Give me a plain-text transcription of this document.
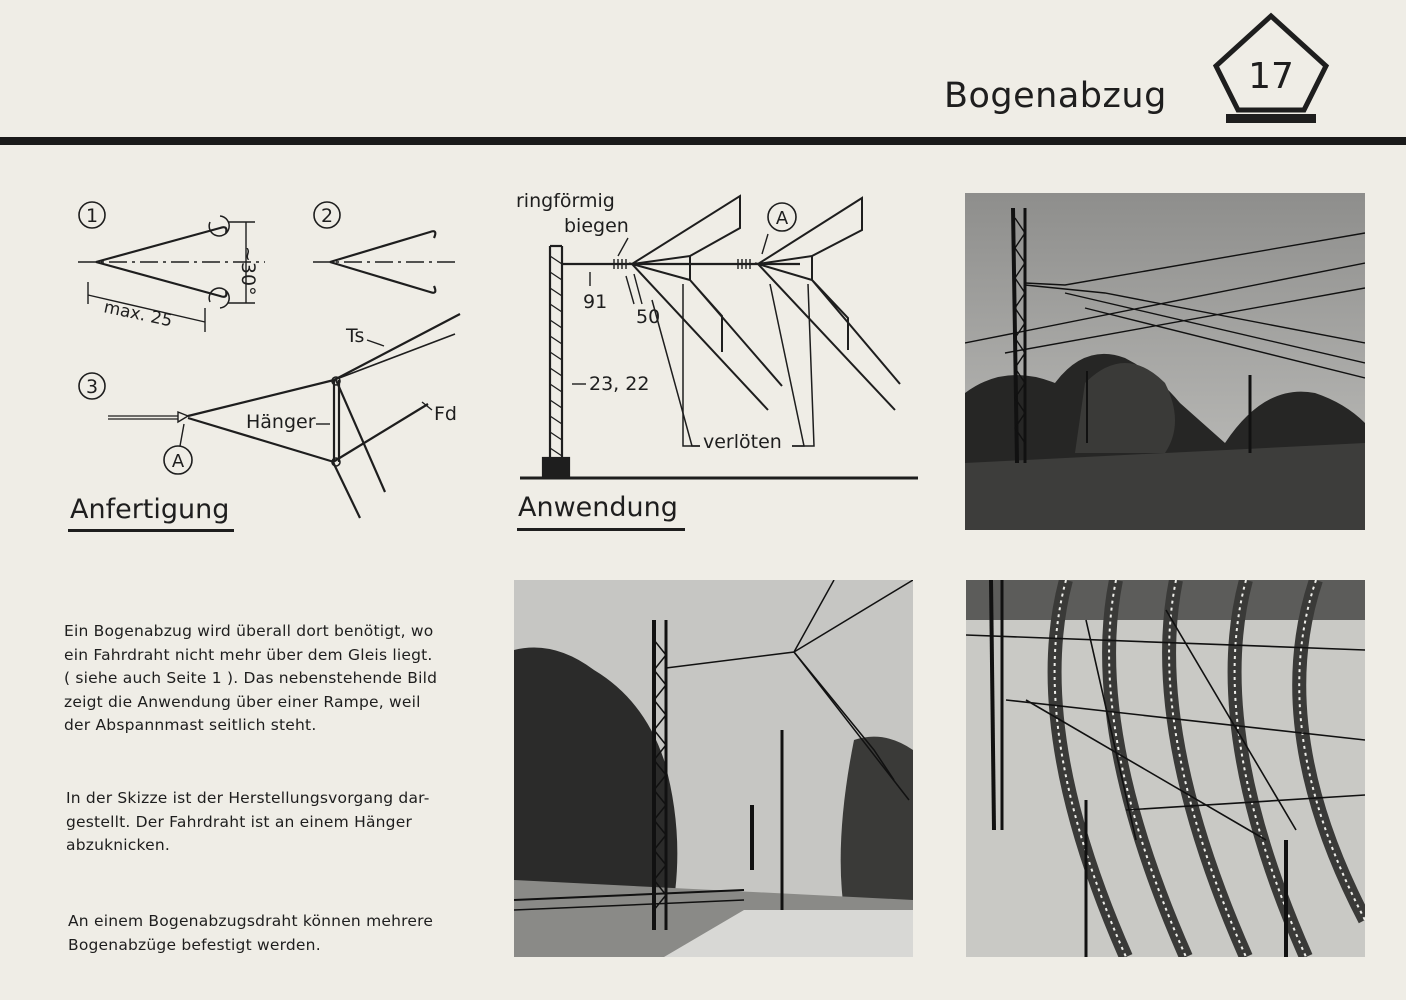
Bogenabzug 17
1	2
3
~30°
max. 25
Ts
Fd
Hänger
A
Anfertigung
ringförmig
biegen	A
91
50
23, 22
verlöten
Anwendung
Ein Bogenabzug wird überall dort benötigt, wo
ein Fahrdraht nicht mehr über dem Gleis liegt.
( siehe auch Seite 1 ). Das nebenstehende Bild
zeigt die Anwendung über einer Rampe, weil
der Abspannmast seitlich steht.
In der Skizze ist der Herstellungsvorgang dar-
gestellt. Der Fahrdraht ist an einem Hänger
abzuknicken.
An einem Bogenabzugsdraht können mehrere
Bogenabzüge befestigt werden.
